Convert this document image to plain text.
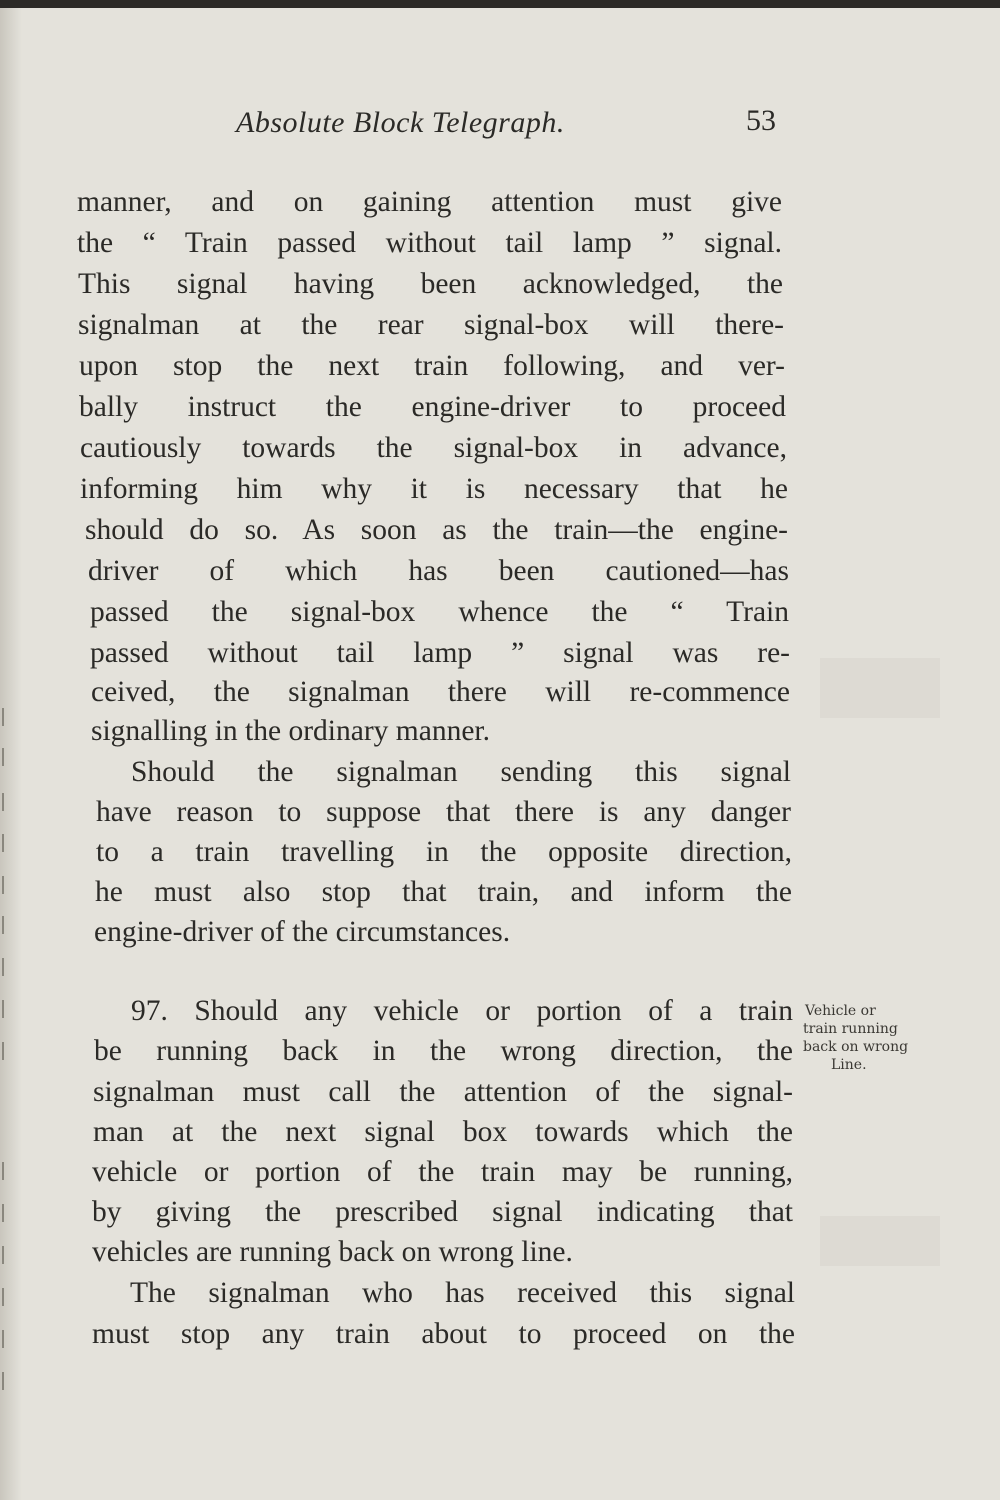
Absolute Block Telegraph.	53
manner, and on gaining attention must give
the “ Train passed without tail lamp ” signal.
This signal having been acknowledged, the
signalman at the rear signal-box will there-
upon stop the next train following, and ver-
bally instruct the engine-driver to proceed
cautiously towards the signal-box in advance,
informing him why it is necessary that he
should do so. As soon as the train—the engine-
driver of which has been cautioned—has
passed the signal-box whence the “ Train
passed without tail lamp ” signal was re-
ceived, the signalman there will re-commence
signalling in the ordinary manner.
Should the signalman sending this signal
have reason to suppose that there is any danger
to a train travelling in the opposite direction,
he must also stop that train, and inform the
engine-driver of the circumstances.
97. Should any vehicle or portion of a train
be running back in the wrong direction, the
signalman must call the attention of the signal-
man at the next signal box towards which the
vehicle or portion of the train may be running,
by giving the prescribed signal indicating that
vehicles are running back on wrong line.
The signalman who has received this signal
must stop any train about to proceed on the
Vehicle or
train running
back on wrong
Line.
